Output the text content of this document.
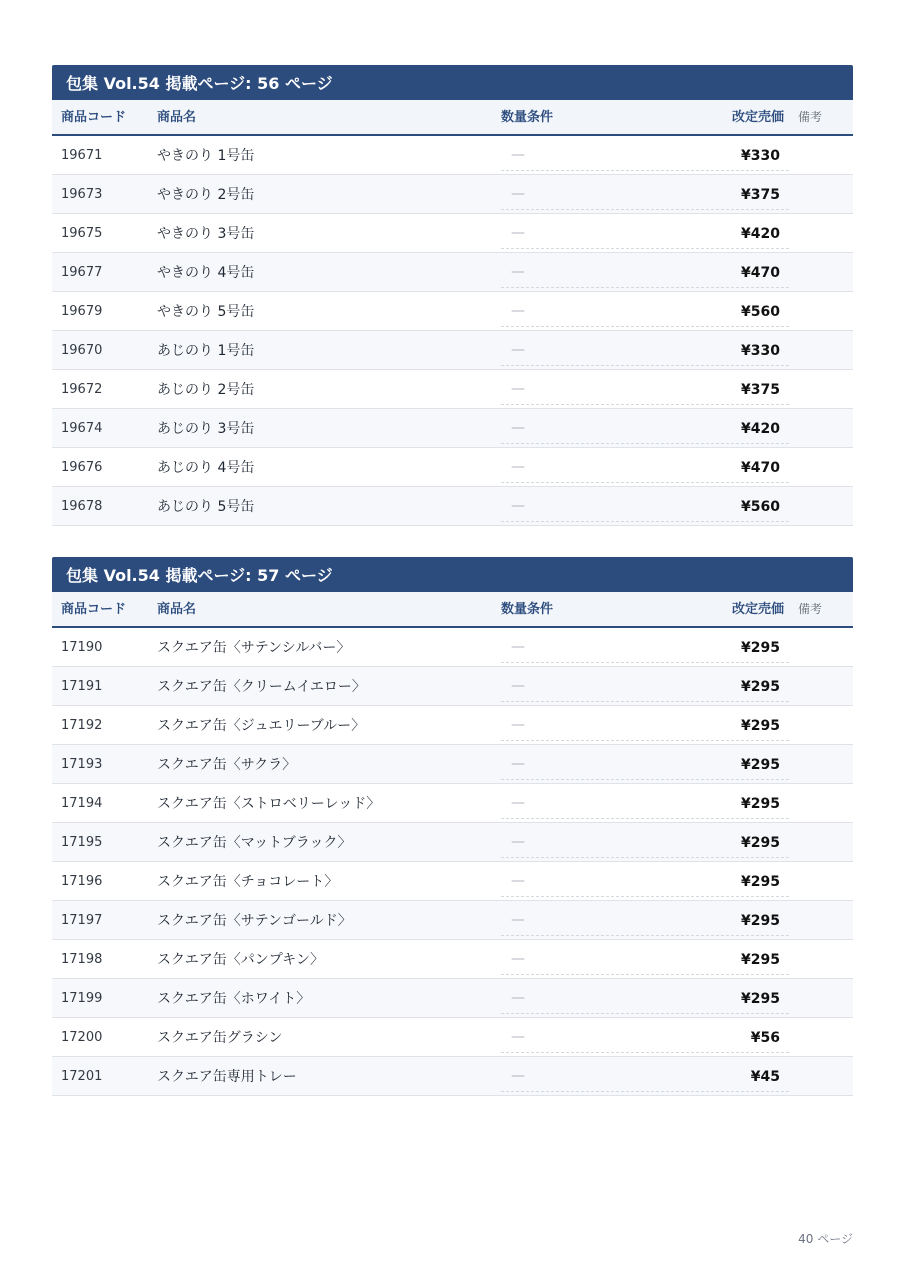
包集 Vol.54 掲載ページ: 56 ページ
商品コード 商品名	数量条件	改定売価 備考
19671	やきのり 1号缶	—	¥330
19673	やきのり 2号缶	—	¥375
19675	やきのり 3号缶	—	¥420
19677	やきのり 4号缶	—	¥470
19679	やきのり 5号缶	—	¥560
19670	あじのり 1号缶	—	¥330
19672	あじのり 2号缶	—	¥375
19674	あじのり 3号缶	—	¥420
19676	あじのり 4号缶	—	¥470
19678	あじのり 5号缶	—	¥560
包集 Vol.54 掲載ページ: 57 ページ
商品コード 商品名	数量条件	改定売価 備考
17190	スクエア缶〈サテンシルバー〉	—	¥295
17191	スクエア缶〈クリームイエロー〉	—	¥295
17192	スクエア缶〈ジュエリーブルー〉	—	¥295
17193	スクエア缶〈サクラ〉	—	¥295
17194	スクエア缶〈ストロベリーレッド〉	—	¥295
17195	スクエア缶〈マットブラック〉	—	¥295
17196	スクエア缶〈チョコレート〉	—	¥295
17197	スクエア缶〈サテンゴールド〉	—	¥295
17198	スクエア缶〈パンプキン〉	—	¥295
17199	スクエア缶〈ホワイト〉	—	¥295
17200	スクエア缶グラシン	—	¥56
17201	スクエア缶専用トレー	—	¥45
40 ページ
